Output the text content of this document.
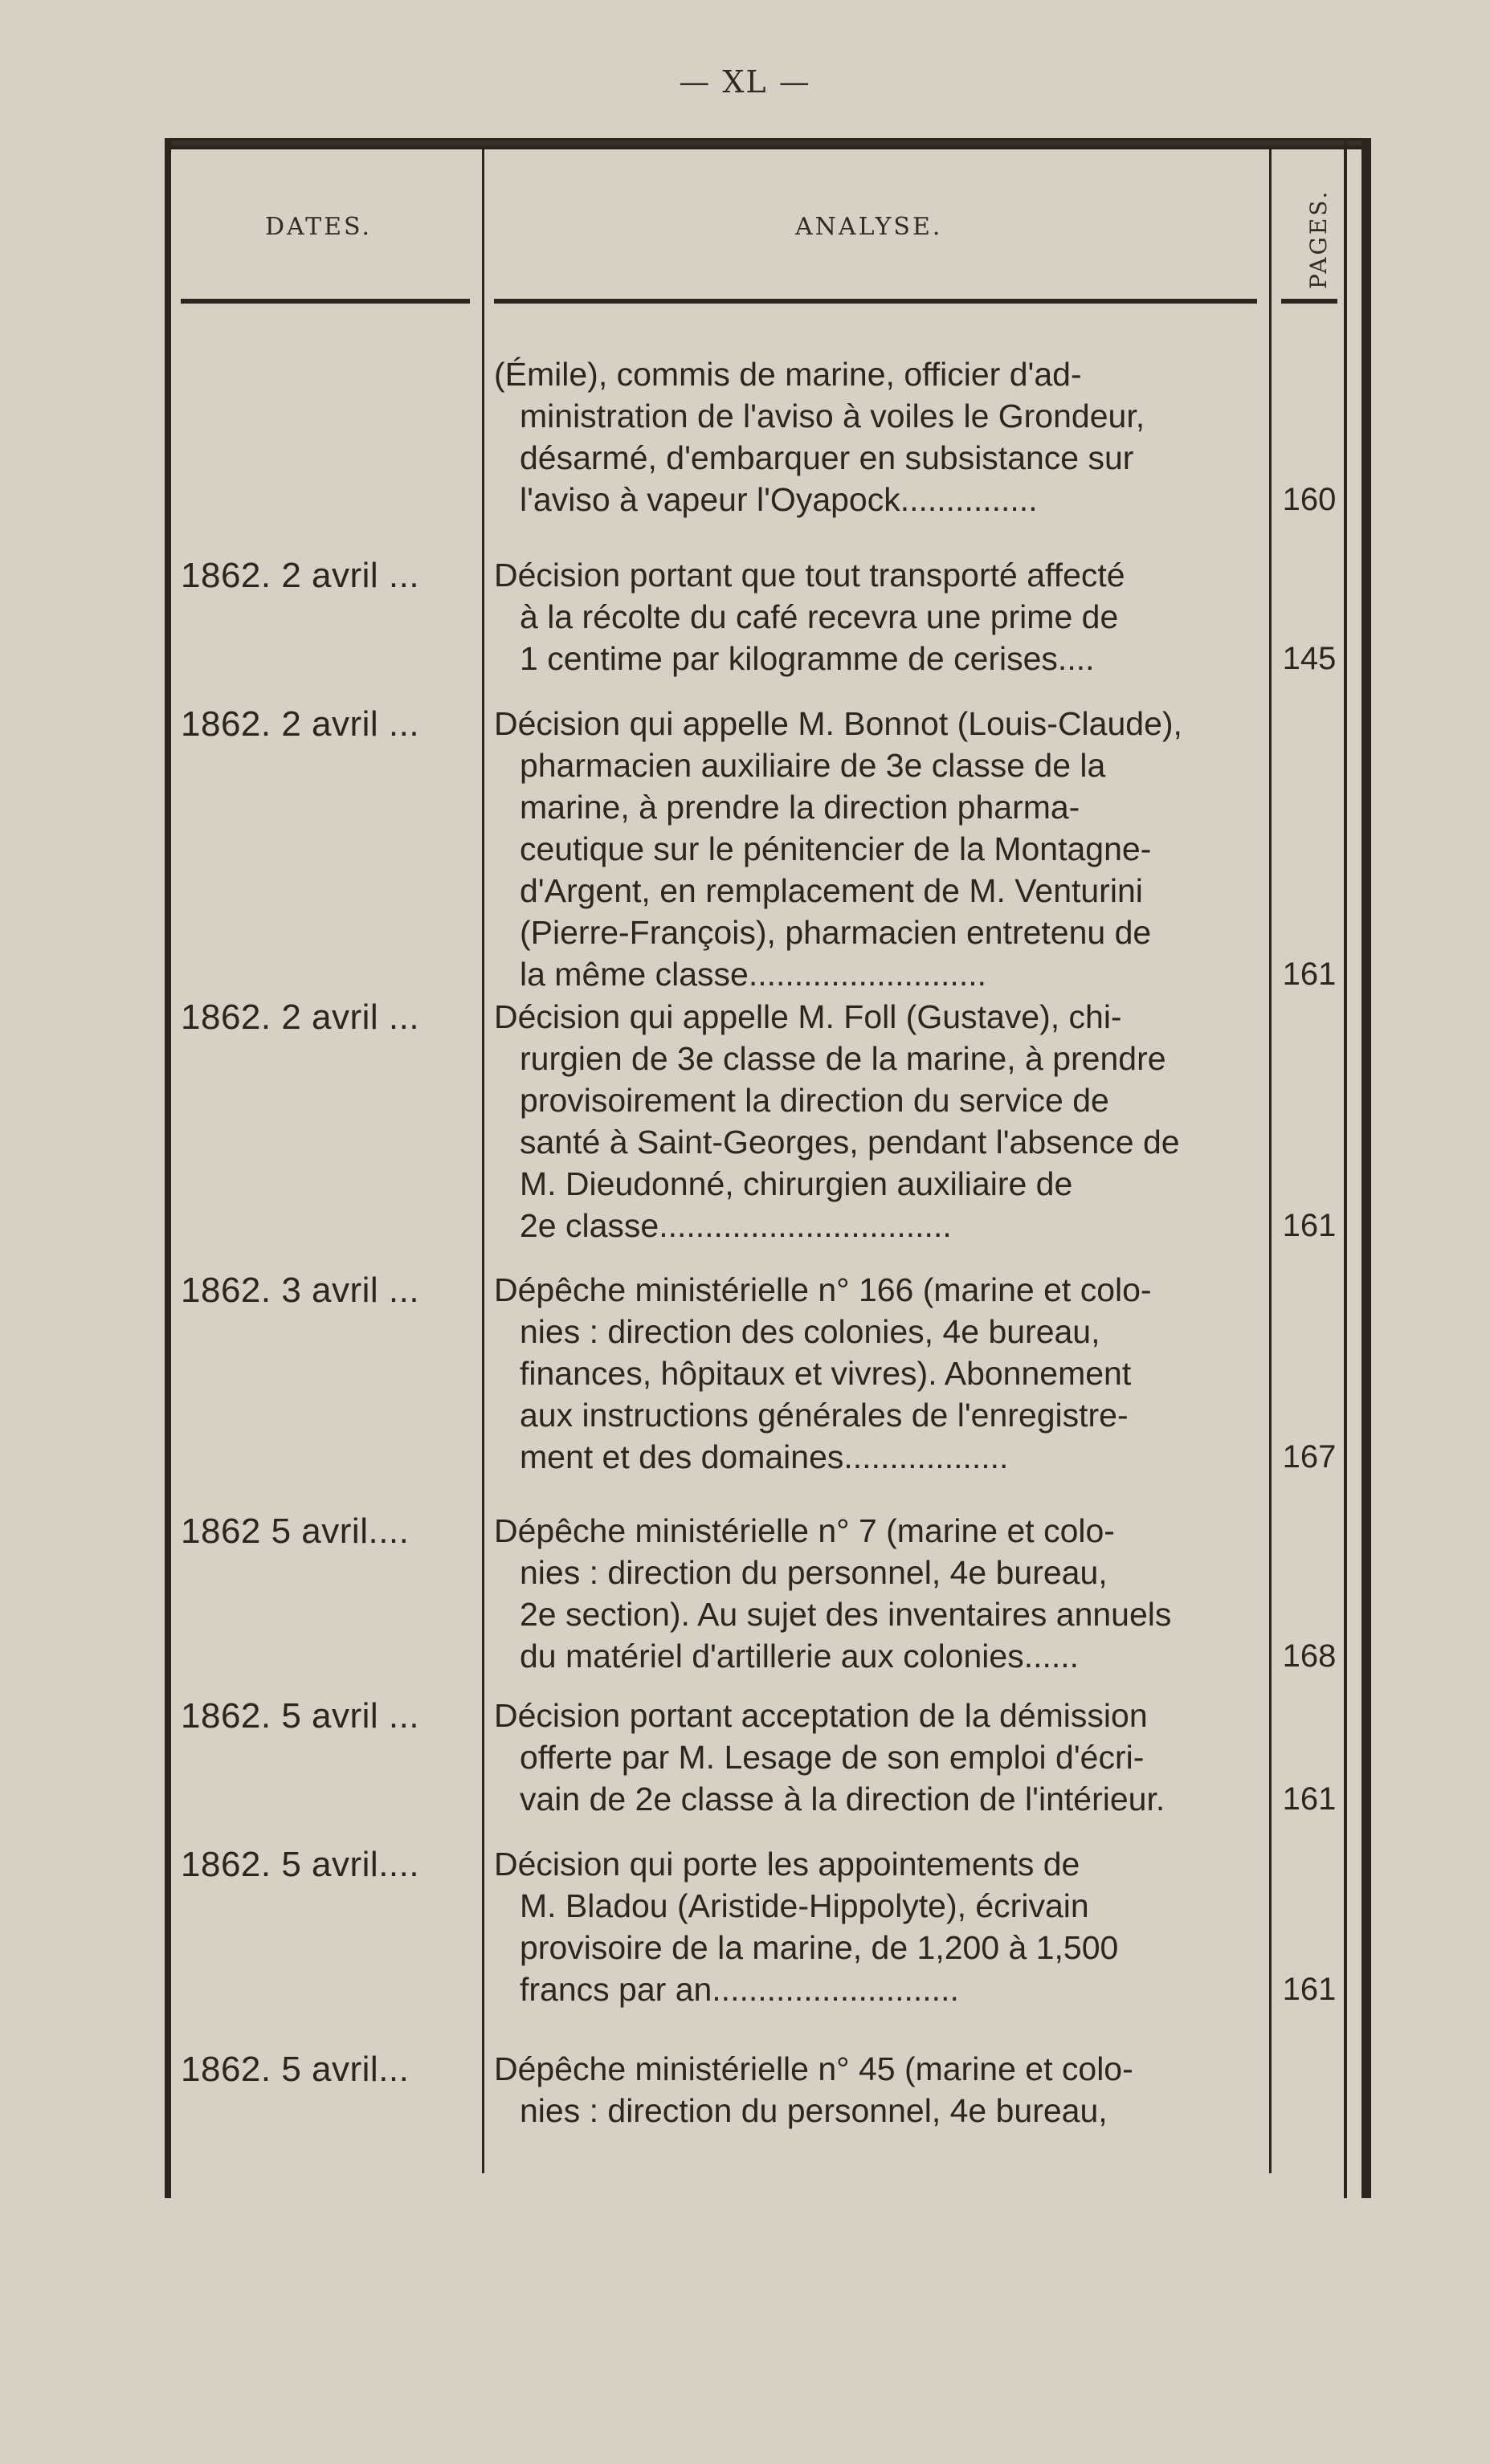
— XL —
DATES.	ANALYSE.	PAGES.
(Émile), commis de marine, officier d'ad-
ministration de l'aviso à voiles le Grondeur,
désarmé, d'embarquer en subsistance sur
l'aviso à vapeur l'Oyapock...............	160
1862. 2 avril ...	Décision portant que tout transporté affecté
à la récolte du café recevra une prime de
1 centime par kilogramme de cerises....	145
1862. 2 avril ...	Décision qui appelle M. Bonnot (Louis-Claude),
pharmacien auxiliaire de 3e classe de la
marine, à prendre la direction pharma-
ceutique sur le pénitencier de la Montagne-
d'Argent, en remplacement de M. Venturini
(Pierre-François), pharmacien entretenu de
la même classe..........................	161
1862. 2 avril ...	Décision qui appelle M. Foll (Gustave), chi-
rurgien de 3e classe de la marine, à prendre
provisoirement la direction du service de
santé à Saint-Georges, pendant l'absence de
M. Dieudonné, chirurgien auxiliaire de
2e classe................................	161
1862. 3 avril ...	Dépêche ministérielle n° 166 (marine et colo-
nies : direction des colonies, 4e bureau,
finances, hôpitaux et vivres). Abonnement
aux instructions générales de l'enregistre-
ment et des domaines..................	167
1862 5 avril....	Dépêche ministérielle n° 7 (marine et colo-
nies : direction du personnel, 4e bureau,
2e section). Au sujet des inventaires annuels
du matériel d'artillerie aux colonies......	168
1862. 5 avril ...	Décision portant acceptation de la démission
offerte par M. Lesage de son emploi d'écri-
vain de 2e classe à la direction de l'intérieur.	161
1862. 5 avril....	Décision qui porte les appointements de
M. Bladou (Aristide-Hippolyte), écrivain
provisoire de la marine, de 1,200 à 1,500
francs par an...........................	161
1862. 5 avril...	Dépêche ministérielle n° 45 (marine et colo-
nies : direction du personnel, 4e bureau,
